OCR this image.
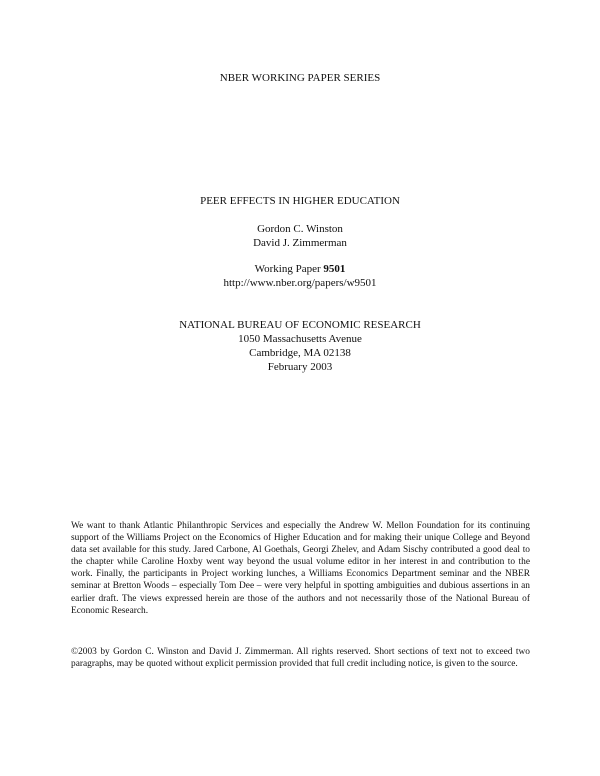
NBER WORKING PAPER SERIES
PEER EFFECTS IN HIGHER EDUCATION
Gordon C. Winston
David J. Zimmerman
Working Paper 9501
http://www.nber.org/papers/w9501
NATIONAL BUREAU OF ECONOMIC RESEARCH
1050 Massachusetts Avenue
Cambridge, MA 02138
February 2003

We want to thank Atlantic Philanthropic Services and especially the Andrew W. Mellon Foundation for its continuing support of the Williams Project on the Economics of Higher Education and for making their unique College and Beyond data set available for this study. Jared Carbone, Al Goethals, Georgi Zhelev, and Adam Sischy contributed a good deal to the chapter while Caroline Hoxby went way beyond the usual volume editor in her interest in and contribution to the work. Finally, the participants in Project working lunches, a Williams Economics Department seminar and the NBER seminar at Bretton Woods – especially Tom Dee – were very helpful in spotting ambiguities and dubious assertions in an earlier draft. The views expressed herein are those of the authors and not necessarily those of the National Bureau of Economic Research.

©2003 by Gordon C. Winston and David J. Zimmerman. All rights reserved. Short sections of text not to exceed two paragraphs, may be quoted without explicit permission provided that full credit including notice, is given to the source.
